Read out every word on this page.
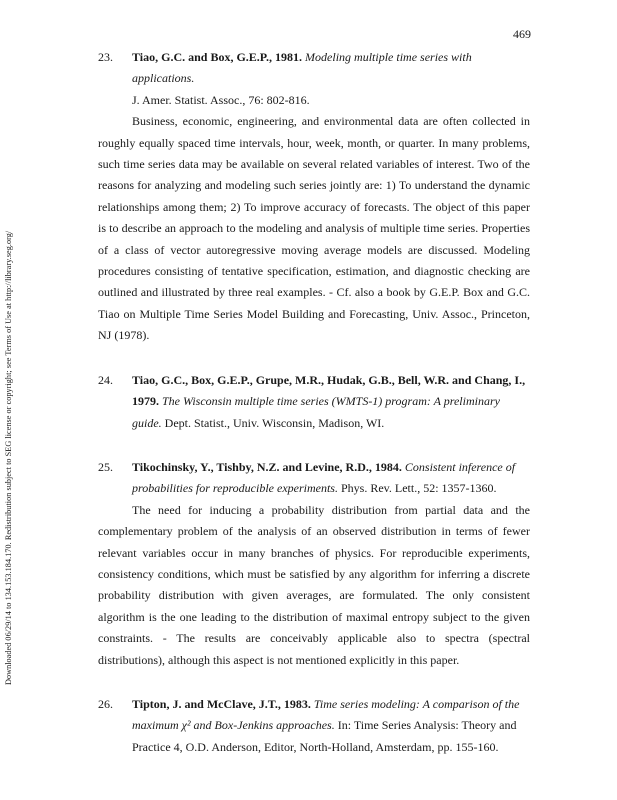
469
Downloaded 06/29/14 to 134.153.184.170. Redistribution subject to SEG license or copyright; see Terms of Use at http://library.seg.org/
23. Tiao, G.C. and Box, G.E.P., 1981. Modeling multiple time series with applications.
J. Amer. Statist. Assoc., 76: 802-816.

Business, economic, engineering, and environmental data are often collected in roughly equally spaced time intervals, hour, week, month, or quarter. In many problems, such time series data may be available on several related variables of interest. Two of the reasons for analyzing and modeling such series jointly are: 1) To understand the dynamic relationships among them; 2) To improve accuracy of forecasts. The object of this paper is to describe an approach to the modeling and analysis of multiple time series. Properties of a class of vector autoregressive moving average models are discussed. Modeling procedures consisting of tentative specification, estimation, and diagnostic checking are outlined and illustrated by three real examples. - Cf. also a book by G.E.P. Box and G.C. Tiao on Multiple Time Series Model Building and Forecasting, Univ. Assoc., Princeton, NJ (1978).

24. Tiao, G.C., Box, G.E.P., Grupe, M.R., Hudak, G.B., Bell, W.R. and Chang, I., 1979. The Wisconsin multiple time series (WMTS-1) program: A preliminary guide. Dept. Statist., Univ. Wisconsin, Madison, WI.

25. Tikochinsky, Y., Tishby, N.Z. and Levine, R.D., 1984. Consistent inference of probabilities for reproducible experiments. Phys. Rev. Lett., 52: 1357-1360.

The need for inducing a probability distribution from partial data and the complementary problem of the analysis of an observed distribution in terms of fewer relevant variables occur in many branches of physics. For reproducible experiments, consistency conditions, which must be satisfied by any algorithm for inferring a discrete probability distribution with given averages, are formulated. The only consistent algorithm is the one leading to the distribution of maximal entropy subject to the given constraints. - The results are conceivably applicable also to spectra (spectral distributions), although this aspect is not mentioned explicitly in this paper.

26. Tipton, J. and McClave, J.T., 1983. Time series modeling: A comparison of the maximum χ² and Box-Jenkins approaches. In: Time Series Analysis: Theory and Practice 4, O.D. Anderson, Editor, North-Holland, Amsterdam, pp. 155-160.
